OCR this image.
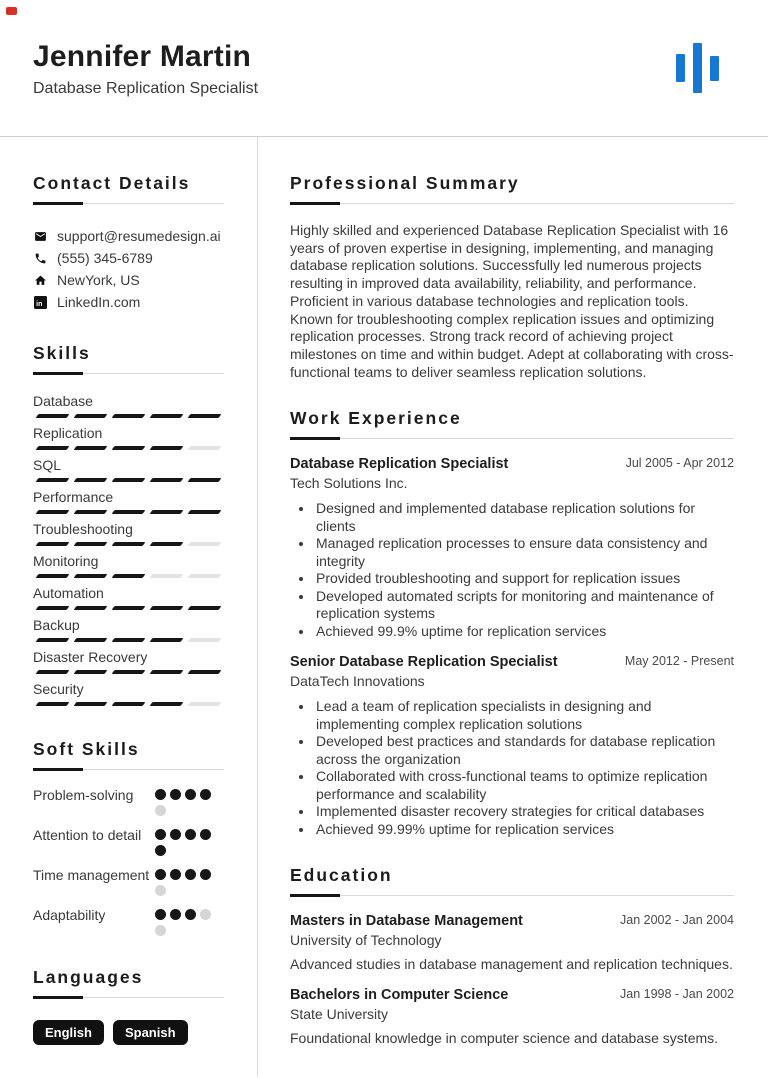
Jennifer Martin
Database Replication Specialist
Contact Details
support@resumedesign.ai
(555) 345-6789
NewYork, US
in LinkedIn.com
Skills
Database
Replication
SQL
Performance
Troubleshooting
Monitoring
Automation
Backup
Disaster Recovery
Security
Soft Skills
Problem-solving
Attention to detail
Time management
Adaptability
Languages
English	Spanish
Professional Summary

Highly skilled and experienced Database Replication Specialist with 16 years of proven expertise in designing, implementing, and managing database replication solutions. Successfully led numerous projects resulting in improved data availability, reliability, and performance. Proficient in various database technologies and replication tools. Known for troubleshooting complex replication issues and optimizing replication processes. Strong track record of achieving project milestones on time and within budget. Adept at collaborating with cross-functional teams to deliver seamless replication solutions.

Work Experience
Database Replication Specialist	Jul 2005 - Apr 2012
Tech Solutions Inc.
• Designed and implemented database replication solutions for clients
• Managed replication processes to ensure data consistency and integrity
• Provided troubleshooting and support for replication issues
• Developed automated scripts for monitoring and maintenance of replication systems
• Achieved 99.9% uptime for replication services
Senior Database Replication Specialist	May 2012 - Present
DataTech Innovations
• Lead a team of replication specialists in designing and implementing complex replication solutions
• Developed best practices and standards for database replication across the organization
• Collaborated with cross-functional teams to optimize replication performance and scalability
• Implemented disaster recovery strategies for critical databases
• Achieved 99.99% uptime for replication services
Education
Masters in Database Management	Jan 2002 - Jan 2004
University of Technology

Advanced studies in database management and replication techniques.

Bachelors in Computer Science	Jan 1998 - Jan 2002
State University

Foundational knowledge in computer science and database systems.
